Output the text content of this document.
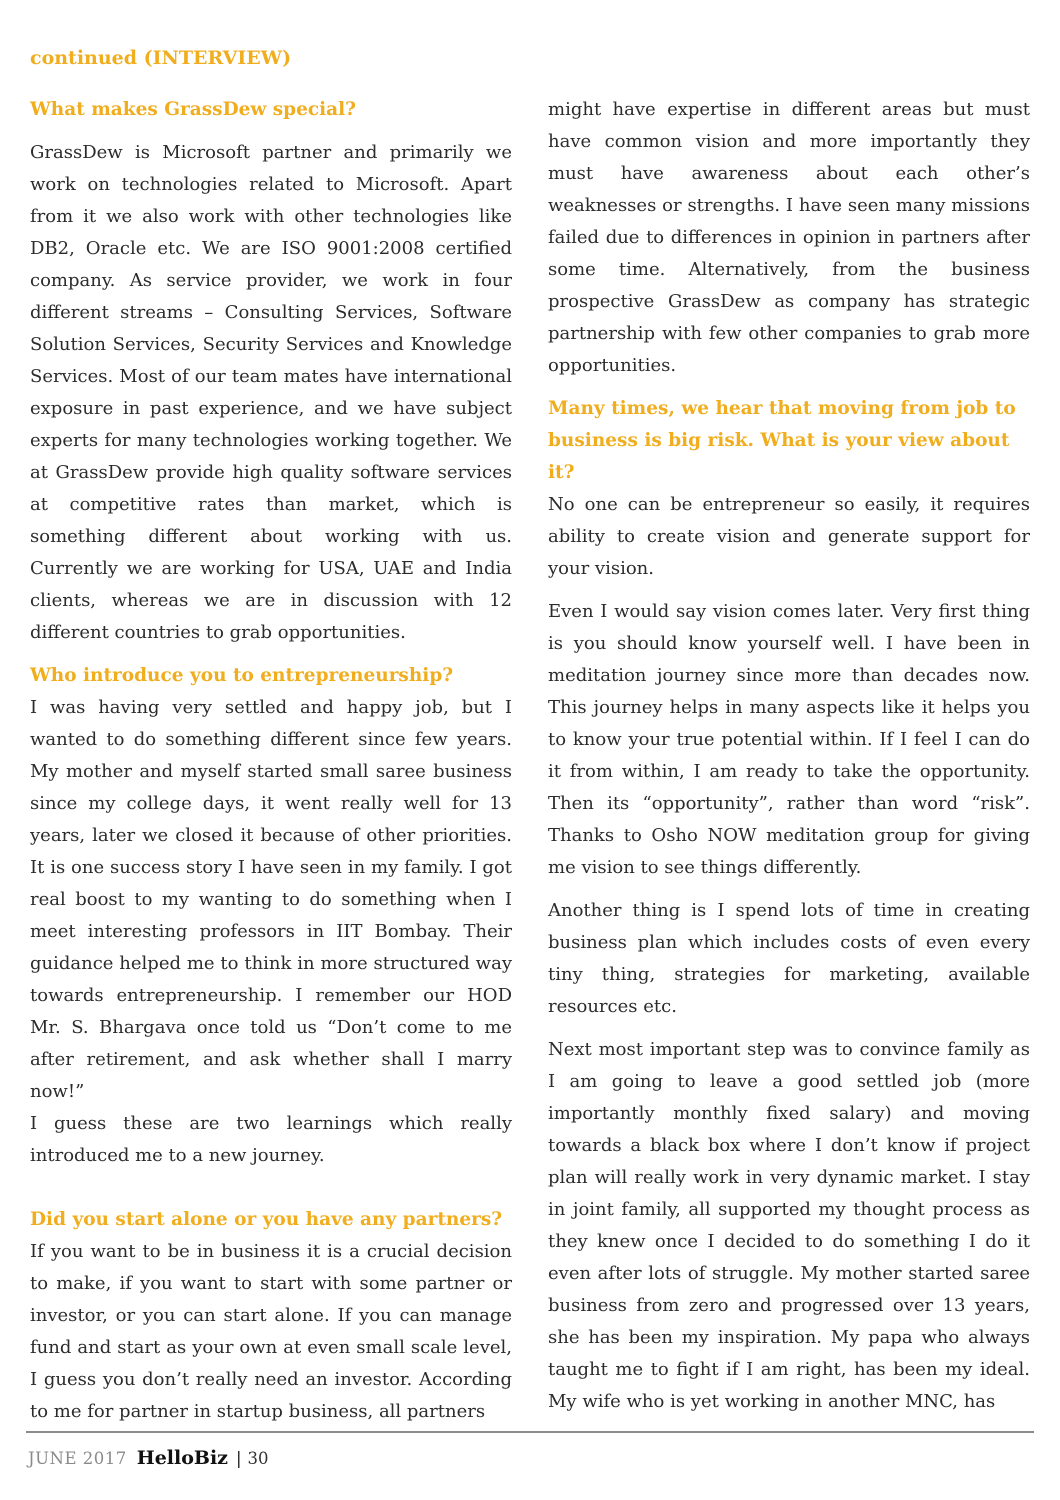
continued (INTERVIEW)

What makes GrassDew special?

GrassDew is Microsoft partner and primarily we work on technologies related to Microsoft. Apart from it we also work with other technologies like DB2, Oracle etc. We are ISO 9001:2008 certified company. As service provider, we work in four different streams – Consulting Services, Software Solution Services, Security Services and Knowledge Services. Most of our team mates have international exposure in past experience, and we have subject experts for many technologies working together. We at GrassDew provide high quality software services at competitive rates than market, which is something different about working with us. Currently we are working for USA, UAE and India clients, whereas we are in discussion with 12 different countries to grab opportunities.

Who introduce you to entrepreneurship?

I was having very settled and happy job, but I wanted to do something different since few years. My mother and myself started small saree business since my college days, it went really well for 13 years, later we closed it because of other priorities. It is one success story I have seen in my family. I got real boost to my wanting to do something when I meet interesting professors in IIT Bombay. Their guidance helped me to think in more structured way towards entrepreneurship. I remember our HOD Mr. S. Bhargava once told us “Don’t come to me after retirement, and ask whether shall I marry now!”

I guess these are two learnings which really introduced me to a new journey.

Did you start alone or you have any partners?

If you want to be in business it is a crucial decision to make, if you want to start with some partner or investor, or you can start alone. If you can manage fund and start as your own at even small scale level, I guess you don’t really need an investor. According to me for partner in startup business, all partners

might have expertise in different areas but must have common vision and more importantly they must have awareness about each other’s weaknesses or strengths. I have seen many missions failed due to differences in opinion in partners after some time. Alternatively, from the business prospective GrassDew as company has strategic partnership with few other companies to grab more opportunities.

Many times, we hear that moving from job to business is big risk. What is your view about it?

No one can be entrepreneur so easily, it requires ability to create vision and generate support for your vision.

Even I would say vision comes later. Very first thing is you should know yourself well. I have been in meditation journey since more than decades now. This journey helps in many aspects like it helps you to know your true potential within. If I feel I can do it from within, I am ready to take the opportunity. Then its “opportunity”, rather than word “risk”. Thanks to Osho NOW meditation group for giving me vision to see things differently.

Another thing is I spend lots of time in creating business plan which includes costs of even every tiny thing, strategies for marketing, available resources etc.

Next most important step was to convince family as I am going to leave a good settled job (more importantly monthly fixed salary) and moving towards a black box where I don’t know if project plan will really work in very dynamic market. I stay in joint family, all supported my thought process as they knew once I decided to do something I do it even after lots of struggle. My mother started saree business from zero and progressed over 13 years, she has been my inspiration. My papa who always taught me to fight if I am right, has been my ideal. My wife who is yet working in another MNC, has

JUNE 2017 HelloBiz | 30
